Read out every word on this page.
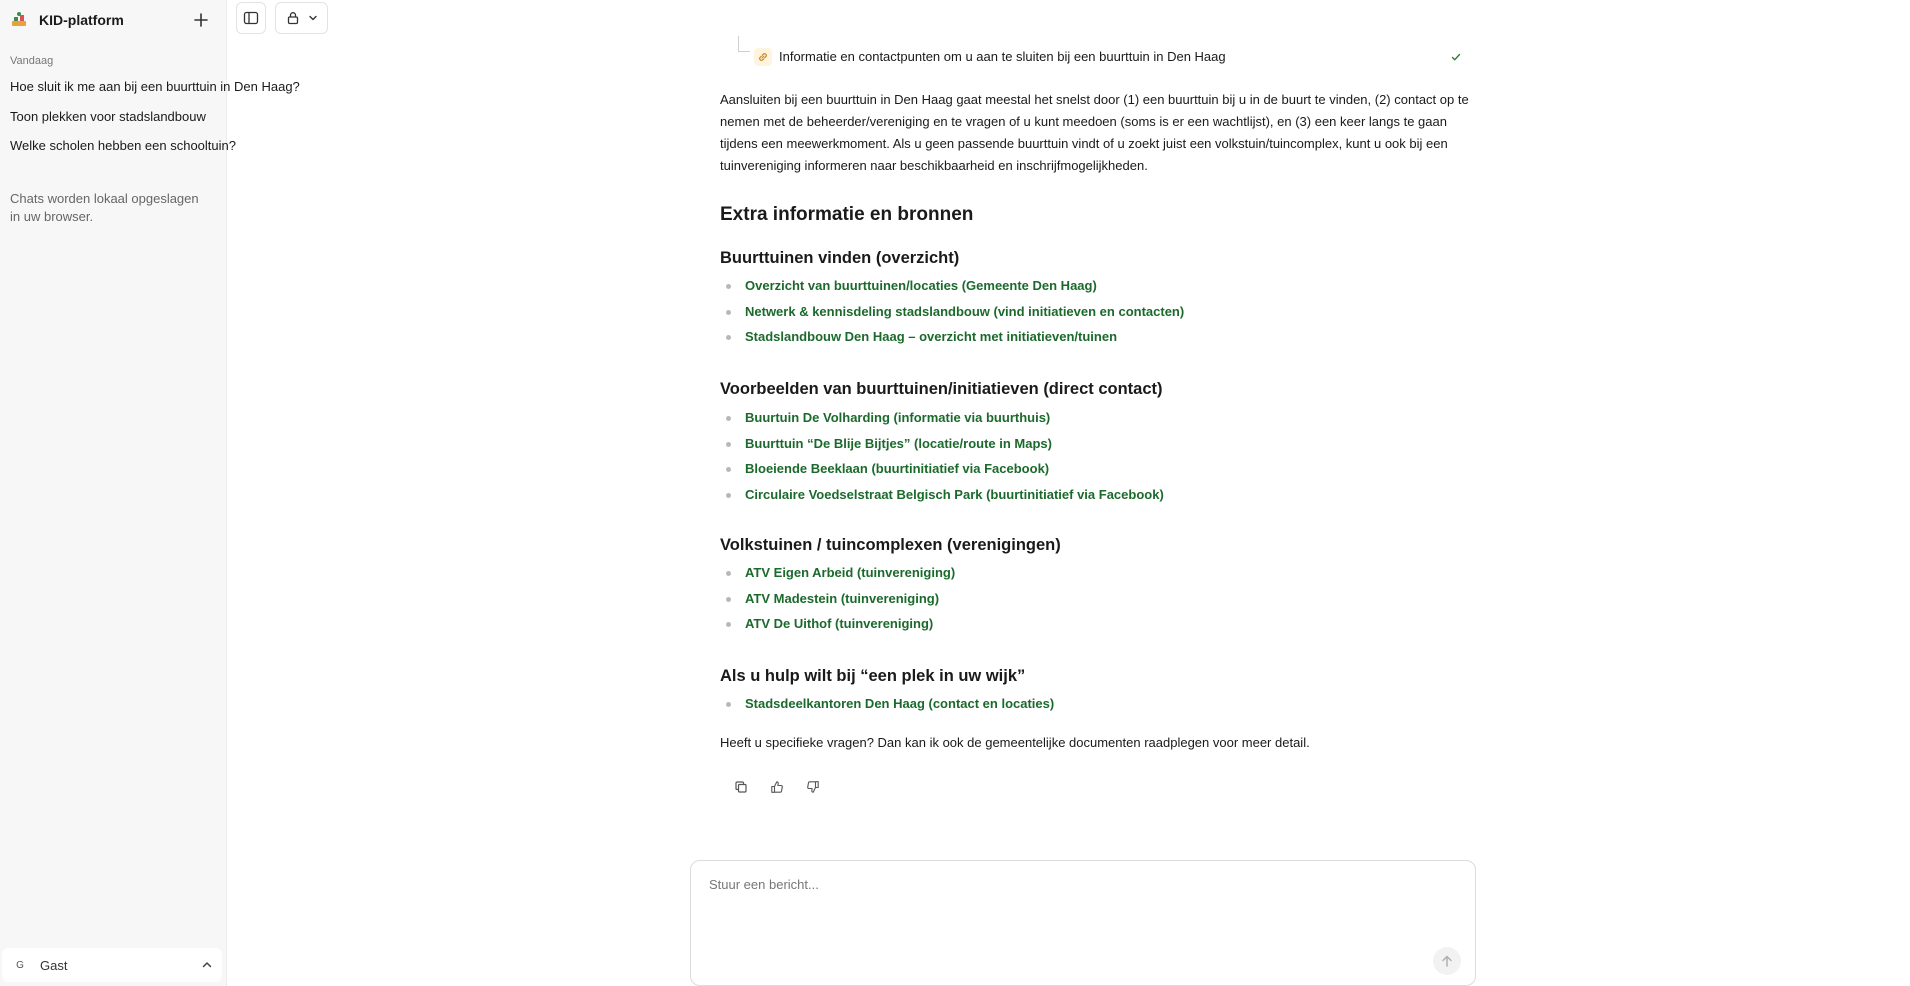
KID-platform
Vandaag
Hoe sluit ik me aan bij een buurttuin in Den Haag?
Toon plekken voor stadslandbouw
Welke scholen hebben een schooltuin?
Chats worden lokaal opgeslagen in uw browser.
G	Gast
Informatie en contactpunten om u aan te sluiten bij een buurttuin in Den Haag

Aansluiten bij een buurttuin in Den Haag gaat meestal het snelst door (1) een buurttuin bij u in de buurt te vinden, (2) contact op te nemen met de beheerder/vereniging en te vragen of u kunt meedoen (soms is er een wachtlijst), en (3) een keer langs te gaan tijdens een meewerkmoment. Als u geen passende buurttuin vindt of u zoekt juist een volkstuin/tuincomplex, kunt u ook bij een tuinvereniging informeren naar beschikbaarheid en inschrijfmogelijkheden.

Extra informatie en bronnen
Buurttuinen vinden (overzicht)
Overzicht van buurttuinen/locaties (Gemeente Den Haag)
Netwerk & kennisdeling stadslandbouw (vind initiatieven en contacten)
Stadslandbouw Den Haag – overzicht met initiatieven/tuinen
Voorbeelden van buurttuinen/initiatieven (direct contact)
Buurtuin De Volharding (informatie via buurthuis)
Buurttuin “De Blije Bijtjes” (locatie/route in Maps)
Bloeiende Beeklaan (buurtinitiatief via Facebook)
Circulaire Voedselstraat Belgisch Park (buurtinitiatief via Facebook)
Volkstuinen / tuincomplexen (verenigingen)
ATV Eigen Arbeid (tuinvereniging)
ATV Madestein (tuinvereniging)
ATV De Uithof (tuinvereniging)
Als u hulp wilt bij “een plek in uw wijk”
Stadsdeelkantoren Den Haag (contact en locaties)

Heeft u specifieke vragen? Dan kan ik ook de gemeentelijke documenten raadplegen voor meer detail.

Stuur een bericht...
